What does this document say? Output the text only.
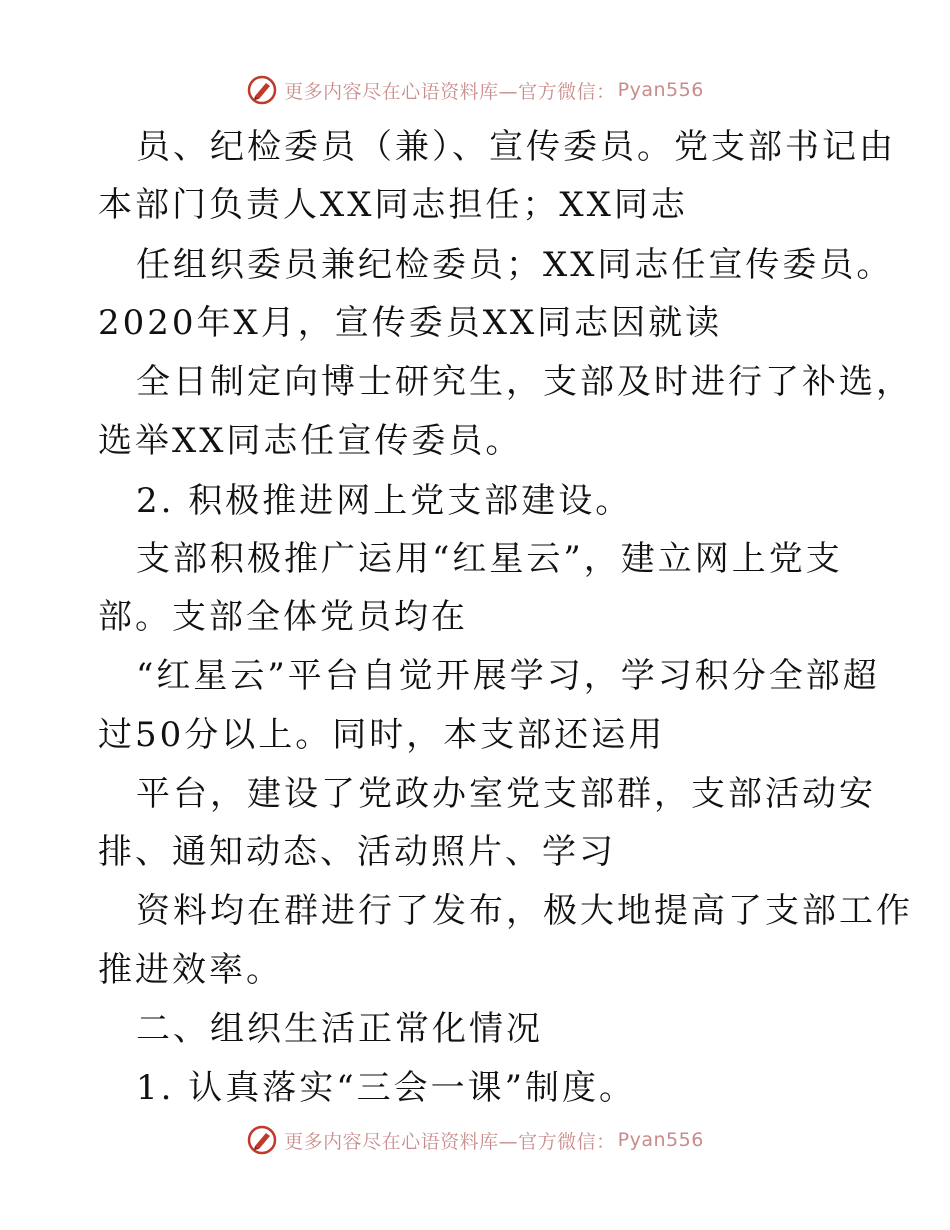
更多内容尽在心语资料库—官方微信： Pyan556
员、纪检委员（兼）、宣传委员。党支部书记由
本部门负责人XX同志担任；XX同志
任组织委员兼纪检委员；XX同志任宣传委员。
2020年X月，宣传委员XX同志因就读
全日制定向博士研究生，支部及时进行了补选，
选举XX同志任宣传委员。
2. 积极推进网上党支部建设。
支部积极推广运用“红星云”，建立网上党支
部。支部全体党员均在
“红星云”平台自觉开展学习，学习积分全部超
过50分以上。同时，本支部还运用
平台，建设了党政办室党支部群，支部活动安
排、通知动态、活动照片、学习
资料均在群进行了发布，极大地提高了支部工作
推进效率。
二、组织生活正常化情况
1. 认真落实“三会一课”制度。
更多内容尽在心语资料库—官方微信： Pyan556
